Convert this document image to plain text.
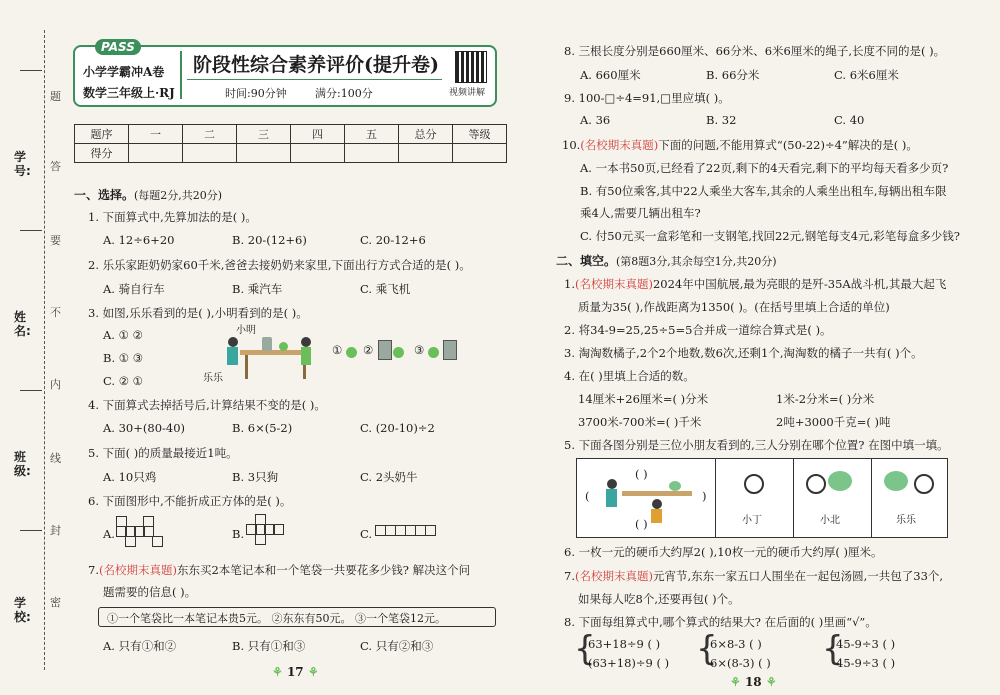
学号:
姓名:
班级:
学校:
题
答
要
不
内
线
封
密
PASS
小学学霸冲A卷
数学三年级上·RJ
阶段性综合素养评价(提升卷)
时间:90分钟	满分:100分	视频讲解
题序	一	二	三	四	五	总分	等级
得分							
一、选择。(每题2分,共20分)
1. 下面算式中,先算加法的是( )。
A. 12÷6+20	B. 20-(12+6)	C. 20-12+6
2. 乐乐家距奶奶家60千米,爸爸去接奶奶来家里,下面出行方式合适的是( )。
A. 骑自行车	B. 乘汽车	C. 乘飞机
3. 如图,乐乐看到的是( ),小明看到的是( )。
A. ① ②
B. ① ③
C. ② ①
小明
乐乐
① ②	③
4. 下面算式去掉括号后,计算结果不变的是( )。
A. 30+(80-40)	B. 6×(5-2)	C. (20-10)÷2
5. 下面( )的质量最接近1吨。
A. 10只鸡	B. 3只狗	C. 2头奶牛
6. 下面图形中,不能折成正方体的是( )。
A.	B.	C.
7.(名校期末真题)东东买2本笔记本和一个笔袋一共要花多少钱? 解决这个问
题需要的信息( )。
①一个笔袋比一本笔记本贵5元。 ②东东有50元。 ③一个笔袋12元。
A. 只有①和②	B. 只有①和③	C. 只有②和③
⚘ 17 ⚘
8. 三根长度分别是660厘米、66分米、6米6厘米的绳子,长度不同的是( )。
A. 660厘米	B. 66分米	C. 6米6厘米
9. 100-□÷4=91,□里应填( )。
A. 36	B. 32	C. 40
10.(名校期末真题)下面的问题,不能用算式“(50-22)÷4”解决的是( )。
A. 一本书50页,已经看了22页,剩下的4天看完,剩下的平均每天看多少页?
B. 有50位乘客,其中22人乘坐大客车,其余的人乘坐出租车,每辆出租车限
乘4人,需要几辆出租车?
C. 付50元买一盒彩笔和一支钢笔,找回22元,钢笔每支4元,彩笔每盒多少钱?
二、填空。(第8题3分,其余每空1分,共20分)
1.(名校期末真题)2024年中国航展,最为亮眼的是歼-35A战斗机,其最大起飞
质量为35( ),作战距离为1350( )。(在括号里填上合适的单位)
2. 将34-9=25,25÷5=5合并成一道综合算式是( )。
3. 淘淘数橘子,2个2个地数,数6次,还剩1个,淘淘数的橘子一共有( )个。
4. 在( )里填上合适的数。
14厘米+26厘米=( )分米	1米-2分米=( )分米
3700米-700米=( )千米	2吨+3000千克=( )吨
5. 下面各图分别是三位小朋友看到的,三人分别在哪个位置? 在图中填一填。
(	)
( )
( )	小丁	小北	乐乐
6. 一枚一元的硬币大约厚2( ),10枚一元的硬币大约厚( )厘米。
7.(名校期末真题)元宵节,东东一家五口人围坐在一起包汤圆,一共包了33个,
如果每人吃8个,还要再包( )个。
8. 下面每组算式中,哪个算式的结果大? 在后面的( )里画“√”。
{
63+18÷9 ( )
(63+18)÷9 ( ) {
6×8-3 ( )
6×(8-3) ( ) {
45-9÷3 ( )
45-9÷3 ( )
⚘ 18 ⚘
